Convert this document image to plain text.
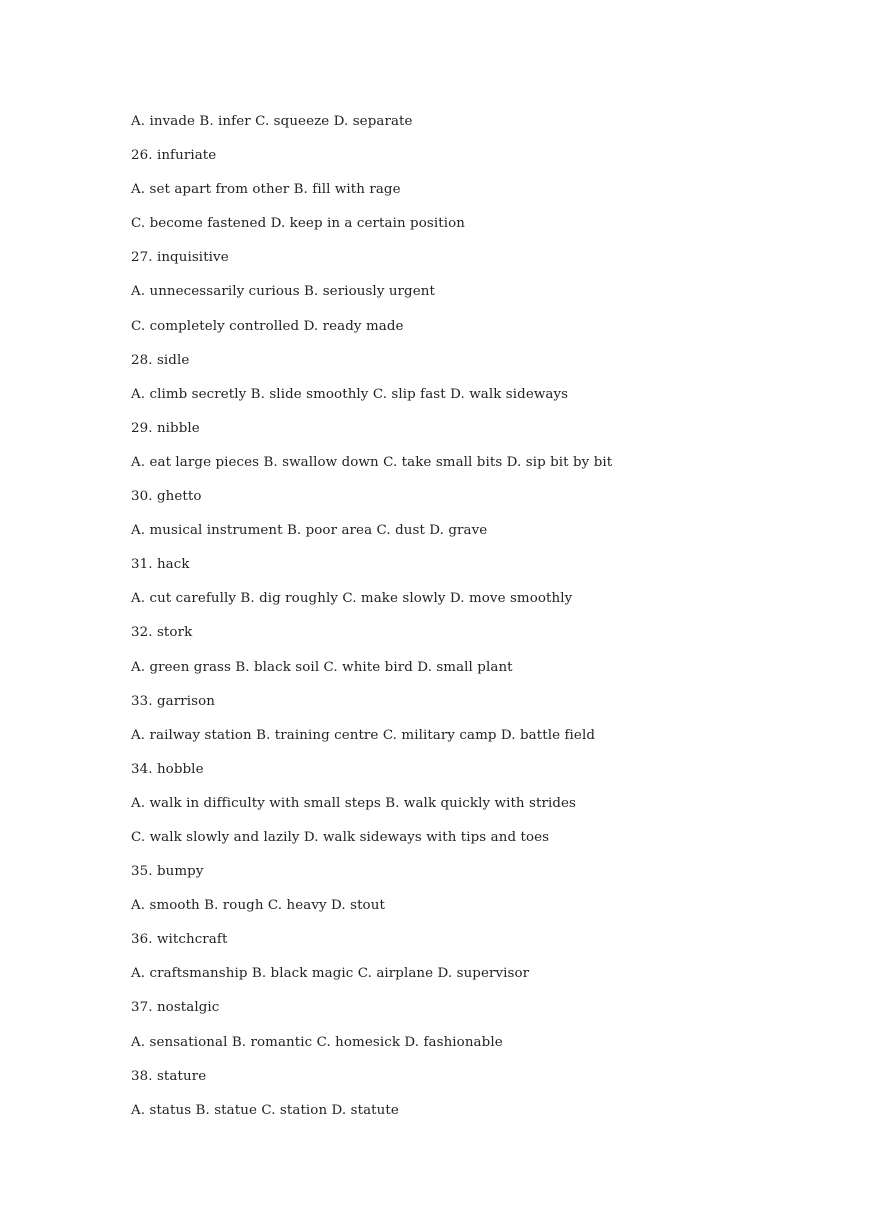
A. invade B. infer C. squeeze D. separate
26. infuriate
A. set apart from other B. fill with rage
C. become fastened D. keep in a certain position
27. inquisitive
A. unnecessarily curious B. seriously urgent
C. completely controlled D. ready made
28. sidle
A. climb secretly B. slide smoothly C. slip fast D. walk sideways
29. nibble
A. eat large pieces B. swallow down C. take small bits D. sip bit by bit
30. ghetto
A. musical instrument B. poor area C. dust D. grave
31. hack
A. cut carefully B. dig roughly C. make slowly D. move smoothly
32. stork
A. green grass B. black soil C. white bird D. small plant
33. garrison
A. railway station B. training centre C. military camp D. battle field
34. hobble
A. walk in difficulty with small steps B. walk quickly with strides
C. walk slowly and lazily D. walk sideways with tips and toes
35. bumpy
A. smooth B. rough C. heavy D. stout
36. witchcraft
A. craftsmanship B. black magic C. airplane D. supervisor
37. nostalgic
A. sensational B. romantic C. homesick D. fashionable
38. stature
A. status B. statue C. station D. statute
